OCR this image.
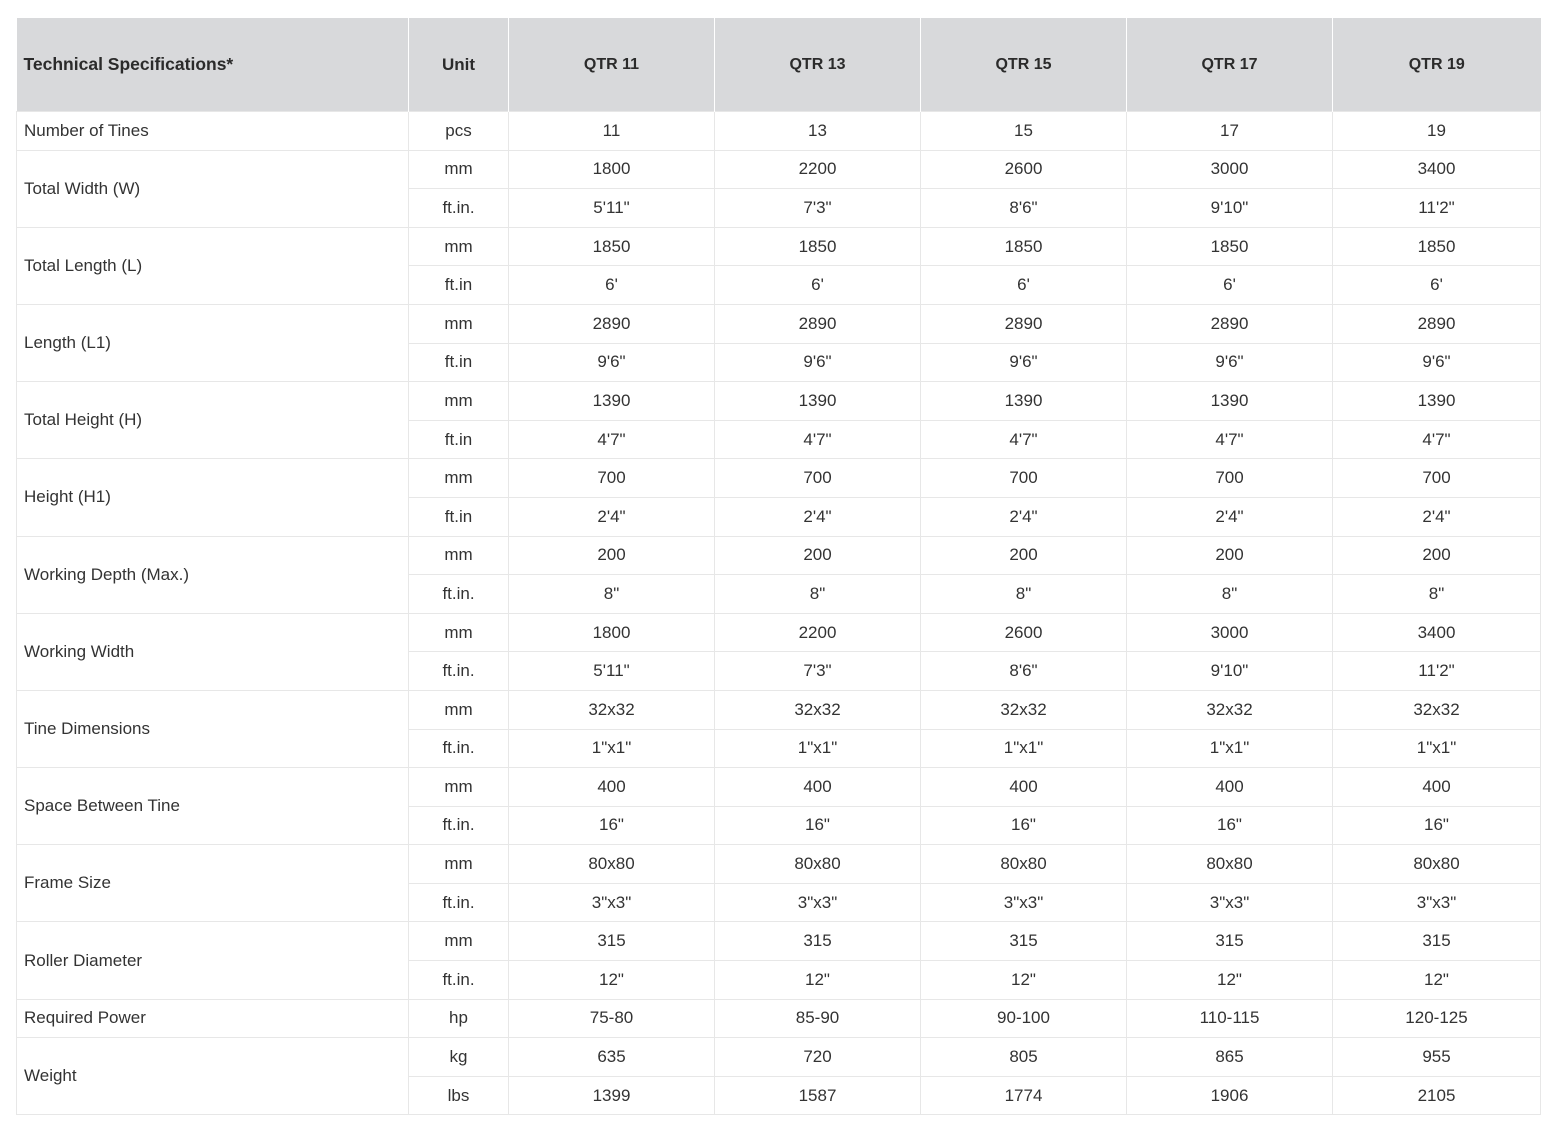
Technical Specifications*	Unit	QTR 11	QTR 13	QTR 15	QTR 17	QTR 19
Number of Tines	pcs	11	13	15	17	19
Total Width (W)	mm	1800	2200	2600	3000	3400
	ft.in.	5'11"	7'3"	8'6"	9'10"	11'2"
Total Length (L)	mm	1850	1850	1850	1850	1850
	ft.in	6'	6'	6'	6'	6'
Length (L1)	mm	2890	2890	2890	2890	2890
	ft.in	9'6"	9'6"	9'6"	9'6"	9'6"
Total Height (H)	mm	1390	1390	1390	1390	1390
	ft.in	4'7"	4'7"	4'7"	4'7"	4'7"
Height (H1)	mm	700	700	700	700	700
	ft.in	2'4"	2'4"	2'4"	2'4"	2'4"
Working Depth (Max.)	mm	200	200	200	200	200
	ft.in.	8"	8"	8"	8"	8"
Working Width	mm	1800	2200	2600	3000	3400
	ft.in.	5'11"	7'3"	8'6"	9'10"	11'2"
Tine Dimensions	mm	32x32	32x32	32x32	32x32	32x32
	ft.in.	1"x1"	1"x1"	1"x1"	1"x1"	1"x1"
Space Between Tine	mm	400	400	400	400	400
	ft.in.	16"	16"	16"	16"	16"
Frame Size	mm	80x80	80x80	80x80	80x80	80x80
	ft.in.	3"x3"	3"x3"	3"x3"	3"x3"	3"x3"
Roller Diameter	mm	315	315	315	315	315
	ft.in.	12"	12"	12"	12"	12"
Required Power	hp	75-80	85-90	90-100	110-115	120-125
Weight	kg	635	720	805	865	955
	lbs	1399	1587	1774	1906	2105
